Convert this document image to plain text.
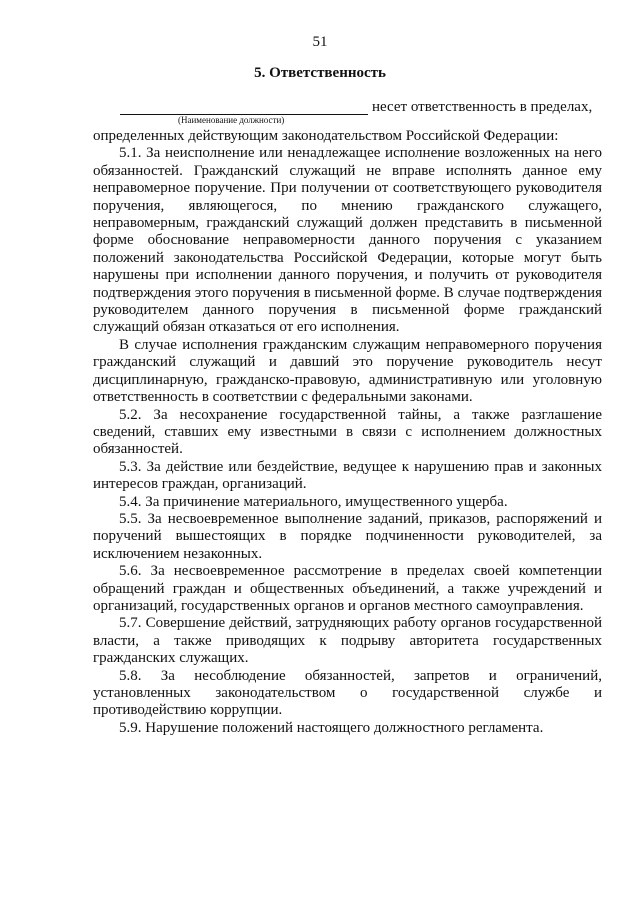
51
5. Ответственность
(Наименование должности)
несет ответственность в пределах,

определенных действующим законодательством Российской Федерации:

5.1. За неисполнение или ненадлежащее исполнение возложенных на него обязанностей. Гражданский служащий не вправе исполнять данное ему неправомерное поручение. При получении от соответствующего руководителя поручения, являющегося, по мнению гражданского служащего, неправомерным, гражданский служащий должен представить в письменной форме обоснование неправомерности данного поручения с указанием положений законодательства Российской Федерации, которые могут быть нарушены при исполнении данного поручения, и получить от руководителя подтверждения этого поручения в письменной форме. В случае подтверждения руководителем данного поручения в письменной форме гражданский служащий обязан отказаться от его исполнения.

В случае исполнения гражданским служащим неправомерного поручения гражданский служащий и давший это поручение руководитель несут дисциплинарную, гражданско-правовую, административную или уголовную ответственность в соответствии с федеральными законами.

5.2. За несохранение государственной тайны, а также разглашение сведений, ставших ему известными в связи с исполнением должностных обязанностей.

5.3. За действие или бездействие, ведущее к нарушению прав и законных интересов граждан, организаций.

5.4. За причинение материального, имущественного ущерба.

5.5. За несвоевременное выполнение заданий, приказов, распоряжений и поручений вышестоящих в порядке подчиненности руководителей, за исключением незаконных.

5.6. За несвоевременное рассмотрение в пределах своей компетенции обращений граждан и общественных объединений, а также учреждений и организаций, государственных органов и органов местного самоуправления.

5.7. Совершение действий, затрудняющих работу органов государственной власти, а также приводящих к подрыву авторитета государственных гражданских служащих.

5.8. За несоблюдение обязанностей, запретов и ограничений, установленных законодательством о государственной службе и противодействию коррупции.

5.9. Нарушение положений настоящего должностного регламента.
